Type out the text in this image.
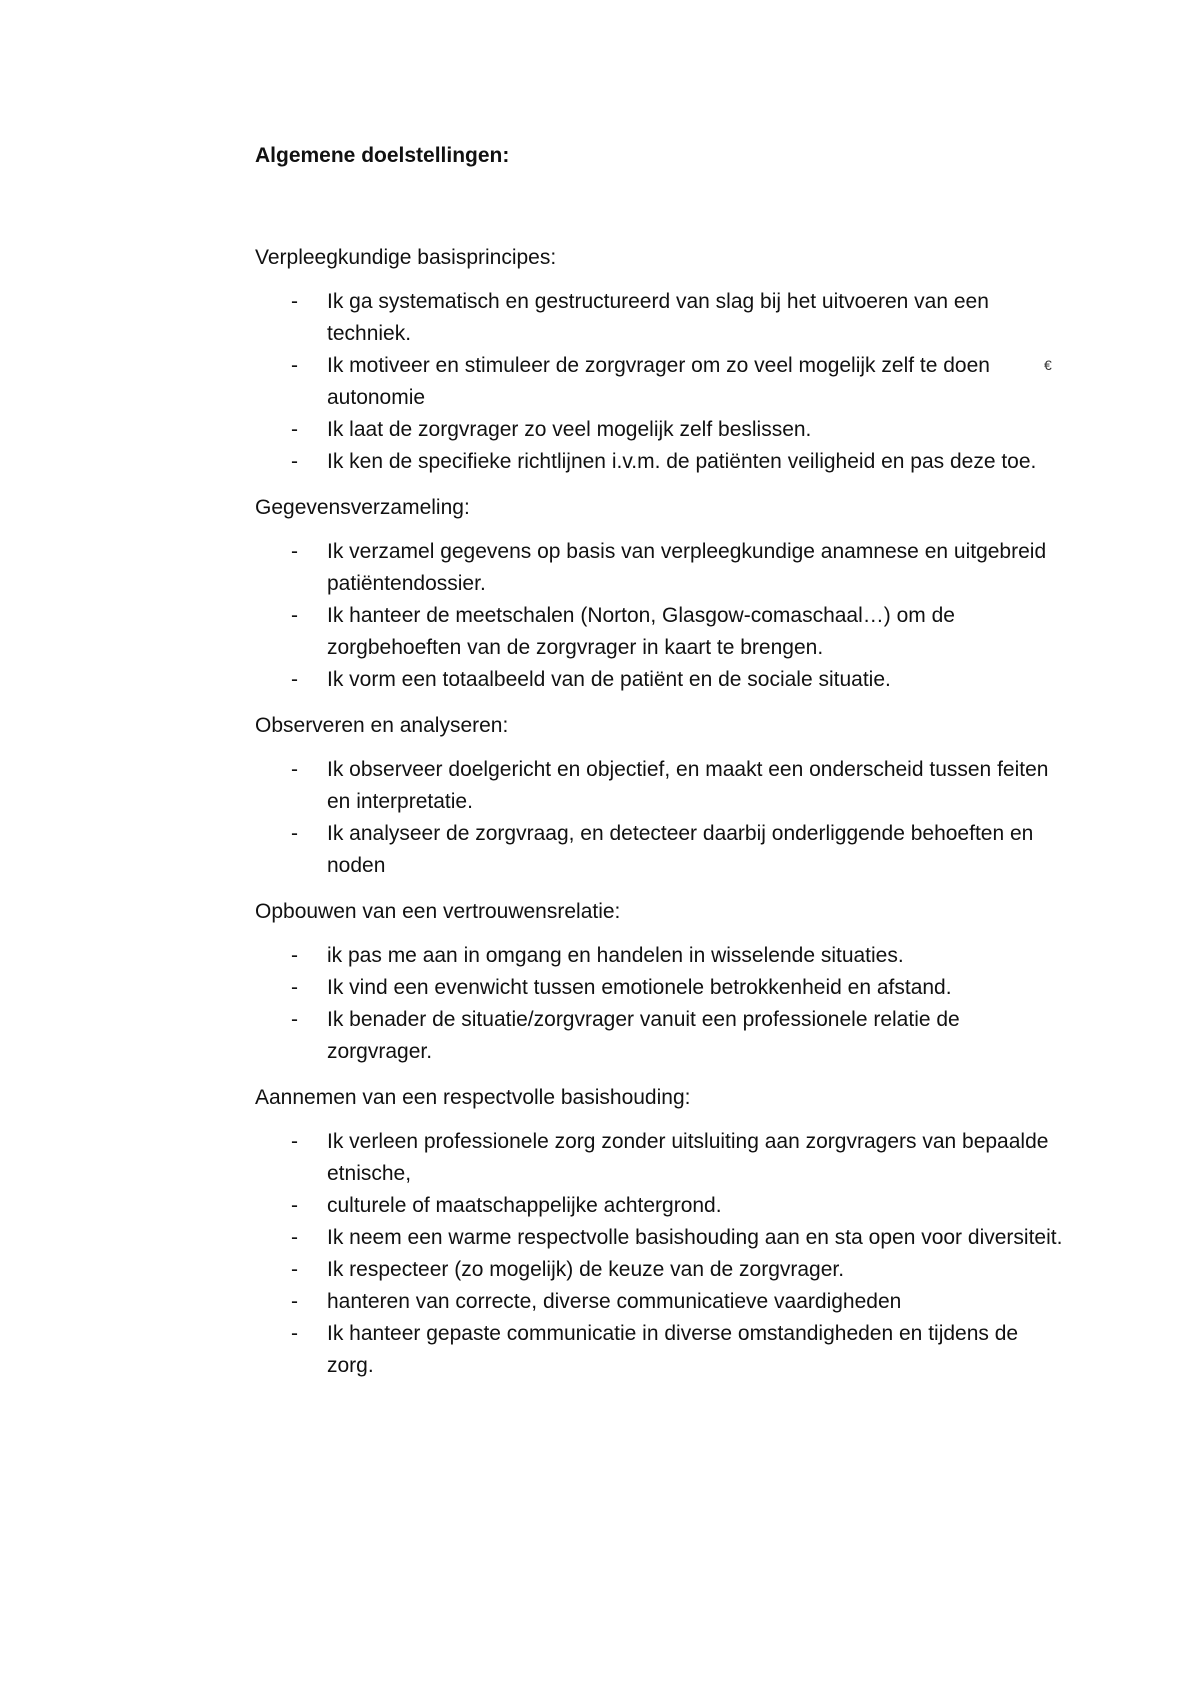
Algemene doelstellingen:
Verpleegkundige basisprincipes:
- Ik ga systematisch en gestructureerd van slag bij het uitvoeren van een techniek.
- Ik motiveer en stimuleer de zorgvrager om zo veel mogelijk zelf te doen autonomie
- Ik laat de zorgvrager zo veel mogelijk zelf beslissen.
- Ik ken de specifieke richtlijnen i.v.m. de patiënten veiligheid en pas deze toe.
Gegevensverzameling:
- Ik verzamel gegevens op basis van verpleegkundige anamnese en uitgebreid patiëntendossier.
- Ik hanteer de meetschalen (Norton, Glasgow-comaschaal…) om de zorgbehoeften van de zorgvrager in kaart te brengen.
- Ik vorm een totaalbeeld van de patiënt en de sociale situatie.
Observeren en analyseren:
- Ik observeer doelgericht en objectief, en maakt een onderscheid tussen feiten en interpretatie.
- Ik analyseer de zorgvraag, en detecteer daarbij onderliggende behoeften en noden
Opbouwen van een vertrouwensrelatie:
- ik pas me aan in omgang en handelen in wisselende situaties.
- Ik vind een evenwicht tussen emotionele betrokkenheid en afstand.
- Ik benader de situatie/zorgvrager vanuit een professionele relatie de zorgvrager.
Aannemen van een respectvolle basishouding:
- Ik verleen professionele zorg zonder uitsluiting aan zorgvragers van bepaalde etnische,
- culturele of maatschappelijke achtergrond.
- Ik neem een warme respectvolle basishouding aan en sta open voor diversiteit.
- Ik respecteer (zo mogelijk) de keuze van de zorgvrager.
- hanteren van correcte, diverse communicatieve vaardigheden
- Ik hanteer gepaste communicatie in diverse omstandigheden en tijdens de zorg.
€
